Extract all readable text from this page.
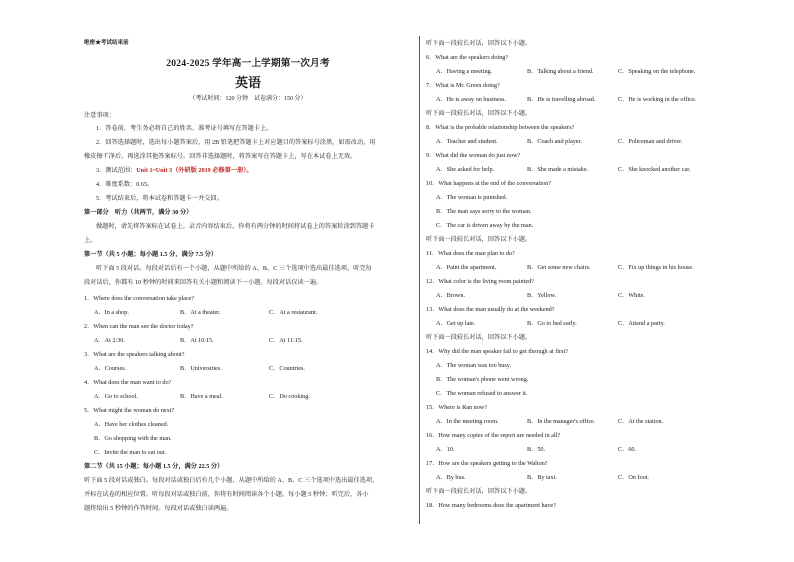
绝密★考试结束前
2024-2025 学年高一上学期第一次月考
英语
（考试时间：120 分钟　试卷满分：150 分）
注意事项：
1．答卷前，考生务必将自己的姓名、准考证号填写在答题卡上。
2．回答选择题时，选出每小题答案后，用 2B 铅笔把答题卡上对应题目的答案标号涂黑，如需改动，用
橡皮擦干净后，再选涂其他答案标号。回答非选择题时，将答案写在答题卡上，写在本试卷上无效。
3．测试范围：Unit 1~Unit 3（外研版 2019 必修第一册）。
4．难度系数：0.65。
5．考试结束后，将本试卷和答题卡一并交回。
第一部分　听力（共两节，满分 30 分）
做题时，请先将答案标在试卷上。录音内容结束后，你将有两分钟的时间将试卷上的答案转涂到答题卡
上。
第一节（共 5 小题；每小题 1.5 分，满分 7.5 分）
听下面 5 段对话。每段对话后有一个小题，从题中所给的 A、B、C 三个选项中选出最佳选项。听完每
段对话后，你都有 10 秒钟的时间来回答有关小题和阅读下一小题。每段对话仅读一遍。
1．Where does the conversation take place?
A．In a shop.	B．At a theater.	C．At a restaurant.
2．When can the man see the doctor today?
A．At 2:30.	B．At 10:15.	C．At 11:15.
3．What are the speakers talking about?
A．Courses.	B．Universities.	C．Countries.
4．What does the man want to do?
A．Go to school.	B．Have a meal.	C．Do cooking.
5．What might the woman do next?
A．Have her clothes cleaned.
B．Go shopping with the man.
C．Invite the man to eat out.
第二节（共 15 小题；每小题 1.5 分，满分 22.5 分）
听下面 5 段对话或独白。每段对话或独白后有几个小题，从题中所给的 A、B、C 三个选项中选出最佳选项，
并标在试卷的相应位置。听每段对话或独白前，你将有时间阅读各个小题，每小题 5 秒钟；听完后，各小
题将给出 5 秒钟的作答时间。每段对话或独白读两遍。
听下面一段较长对话，回答以下小题。
6．What are the speakers doing?
A．Having a meeting.	B．Talking about a friend.	C．Speaking on the telephone.
7．What is Mr. Green doing?
A．He is away on business.	B．He is travelling abroad.	C．He is working in the office.
听下面一段较长对话，回答以下小题。
8．What is the probable relationship between the speakers?
A．Teacher and student.	B．Coach and player.	C．Policeman and driver.
9．What did the woman do just now?
A．She asked for help.	B．She made a mistake.	C．She knocked another car.
10．What happens at the end of the conversation?
A．The woman is punished.
B．The man says sorry to the woman.
C．The car is driven away by the man.
听下面一段较长对话，回答以下小题。
11．What does the man plan to do?
A．Paint the apartment.	B．Get some new chairs.	C．Fix up things in his house.
12．What color is the living room painted?
A．Brown.	B．Yellow.	C．White.
13．What does the man usually do at the weekend?
A．Get up late.	B．Go to bed early.	C．Attend a party.
听下面一段较长对话，回答以下小题。
14．Why did the man speaker fail to get through at first?
A．The woman was too busy.
B．The woman's phone went wrong.
C．The woman refused to answer it.
15．Where is Ran now?
A．In the meeting room.	B．In the manager's office.	C．At the station.
16．How many copies of the report are needed in all?
A．10.	B．50.	C．60.
17．How are the speakers getting to the Walton?
A．By bus.	B．By taxi.	C．On foot.
听下面一段较长对话，回答以下小题。
18．How many bedrooms does the apartment have?
